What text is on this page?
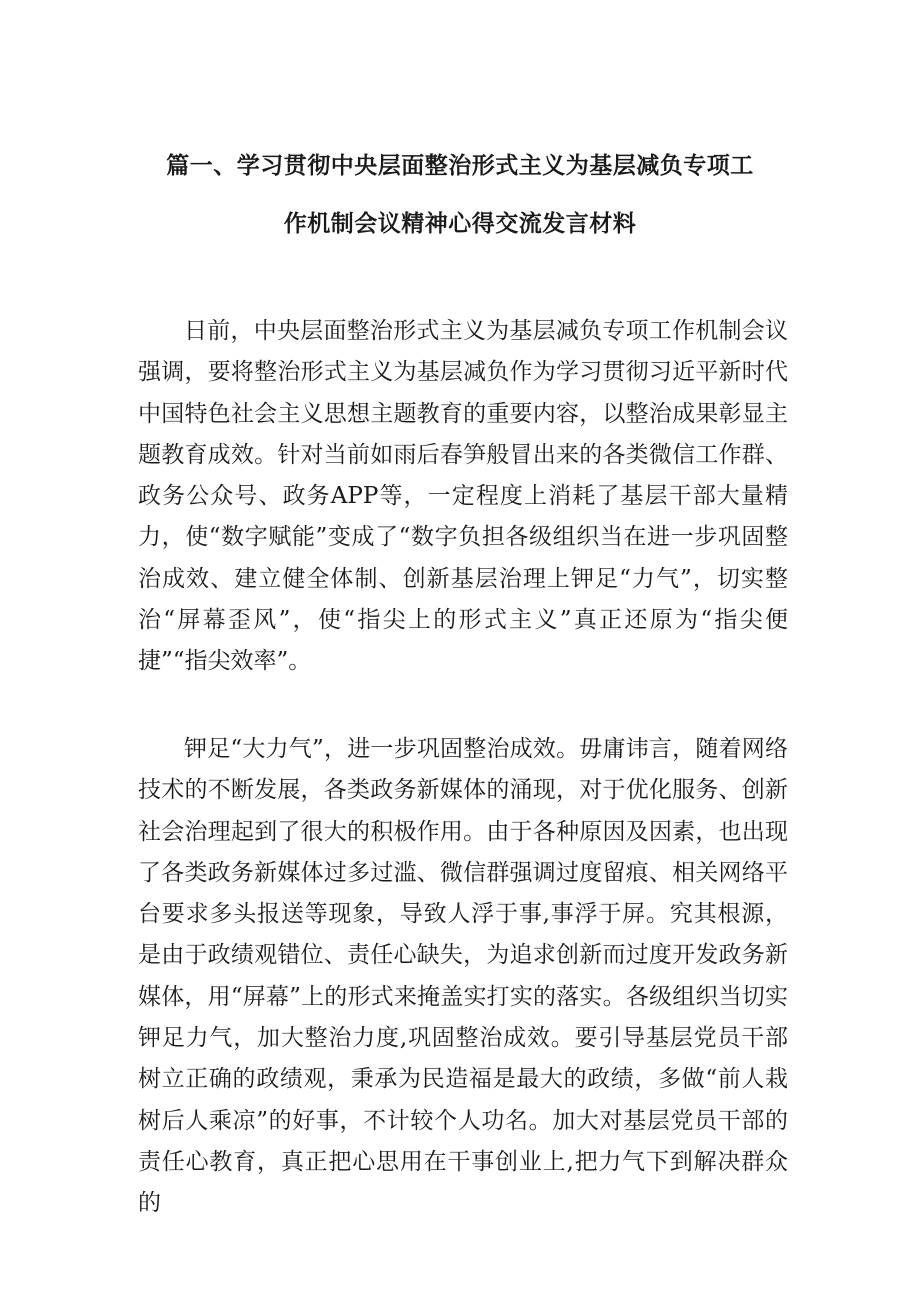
篇一、学习贯彻中央层面整治形式主义为基层减负专项工
作机制会议精神心得交流发言材料

日前，中央层面整治形式主义为基层减负专项工作机制会议强调，要将整治形式主义为基层减负作为学习贯彻习近平新时代中国特色社会主义思想主题教育的重要内容，以整治成果彰显主题教育成效。针对当前如雨后春笋般冒出来的各类微信工作群、政务公众号、政务APP等，一定程度上消耗了基层干部大量精力，使“数字赋能”变成了“数字负担各级组织当在进一步巩固整治成效、建立健全体制、创新基层治理上钾足“力气”，切实整治“屏幕歪风”，使“指尖上的形式主义”真正还原为“指尖便捷”“指尖效率”。

钾足“大力气”，进一步巩固整治成效。毋庸讳言，随着网络技术的不断发展，各类政务新媒体的涌现，对于优化服务、创新社会治理起到了很大的积极作用。由于各种原因及因素，也出现了各类政务新媒体过多过滥、微信群强调过度留痕、相关网络平台要求多头报送等现象，导致人浮于事,事浮于屏。究其根源，是由于政绩观错位、责任心缺失，为追求创新而过度开发政务新媒体，用“屏幕”上的形式来掩盖实打实的落实。各级组织当切实钾足力气，加大整治力度,巩固整治成效。要引导基层党员干部树立正确的政绩观，秉承为民造福是最大的政绩，多做“前人栽树后人乘凉”的好事，不计较个人功名。加大对基层党员干部的责任心教育，真正把心思用在干事创业上,把力气下到解决群众的
